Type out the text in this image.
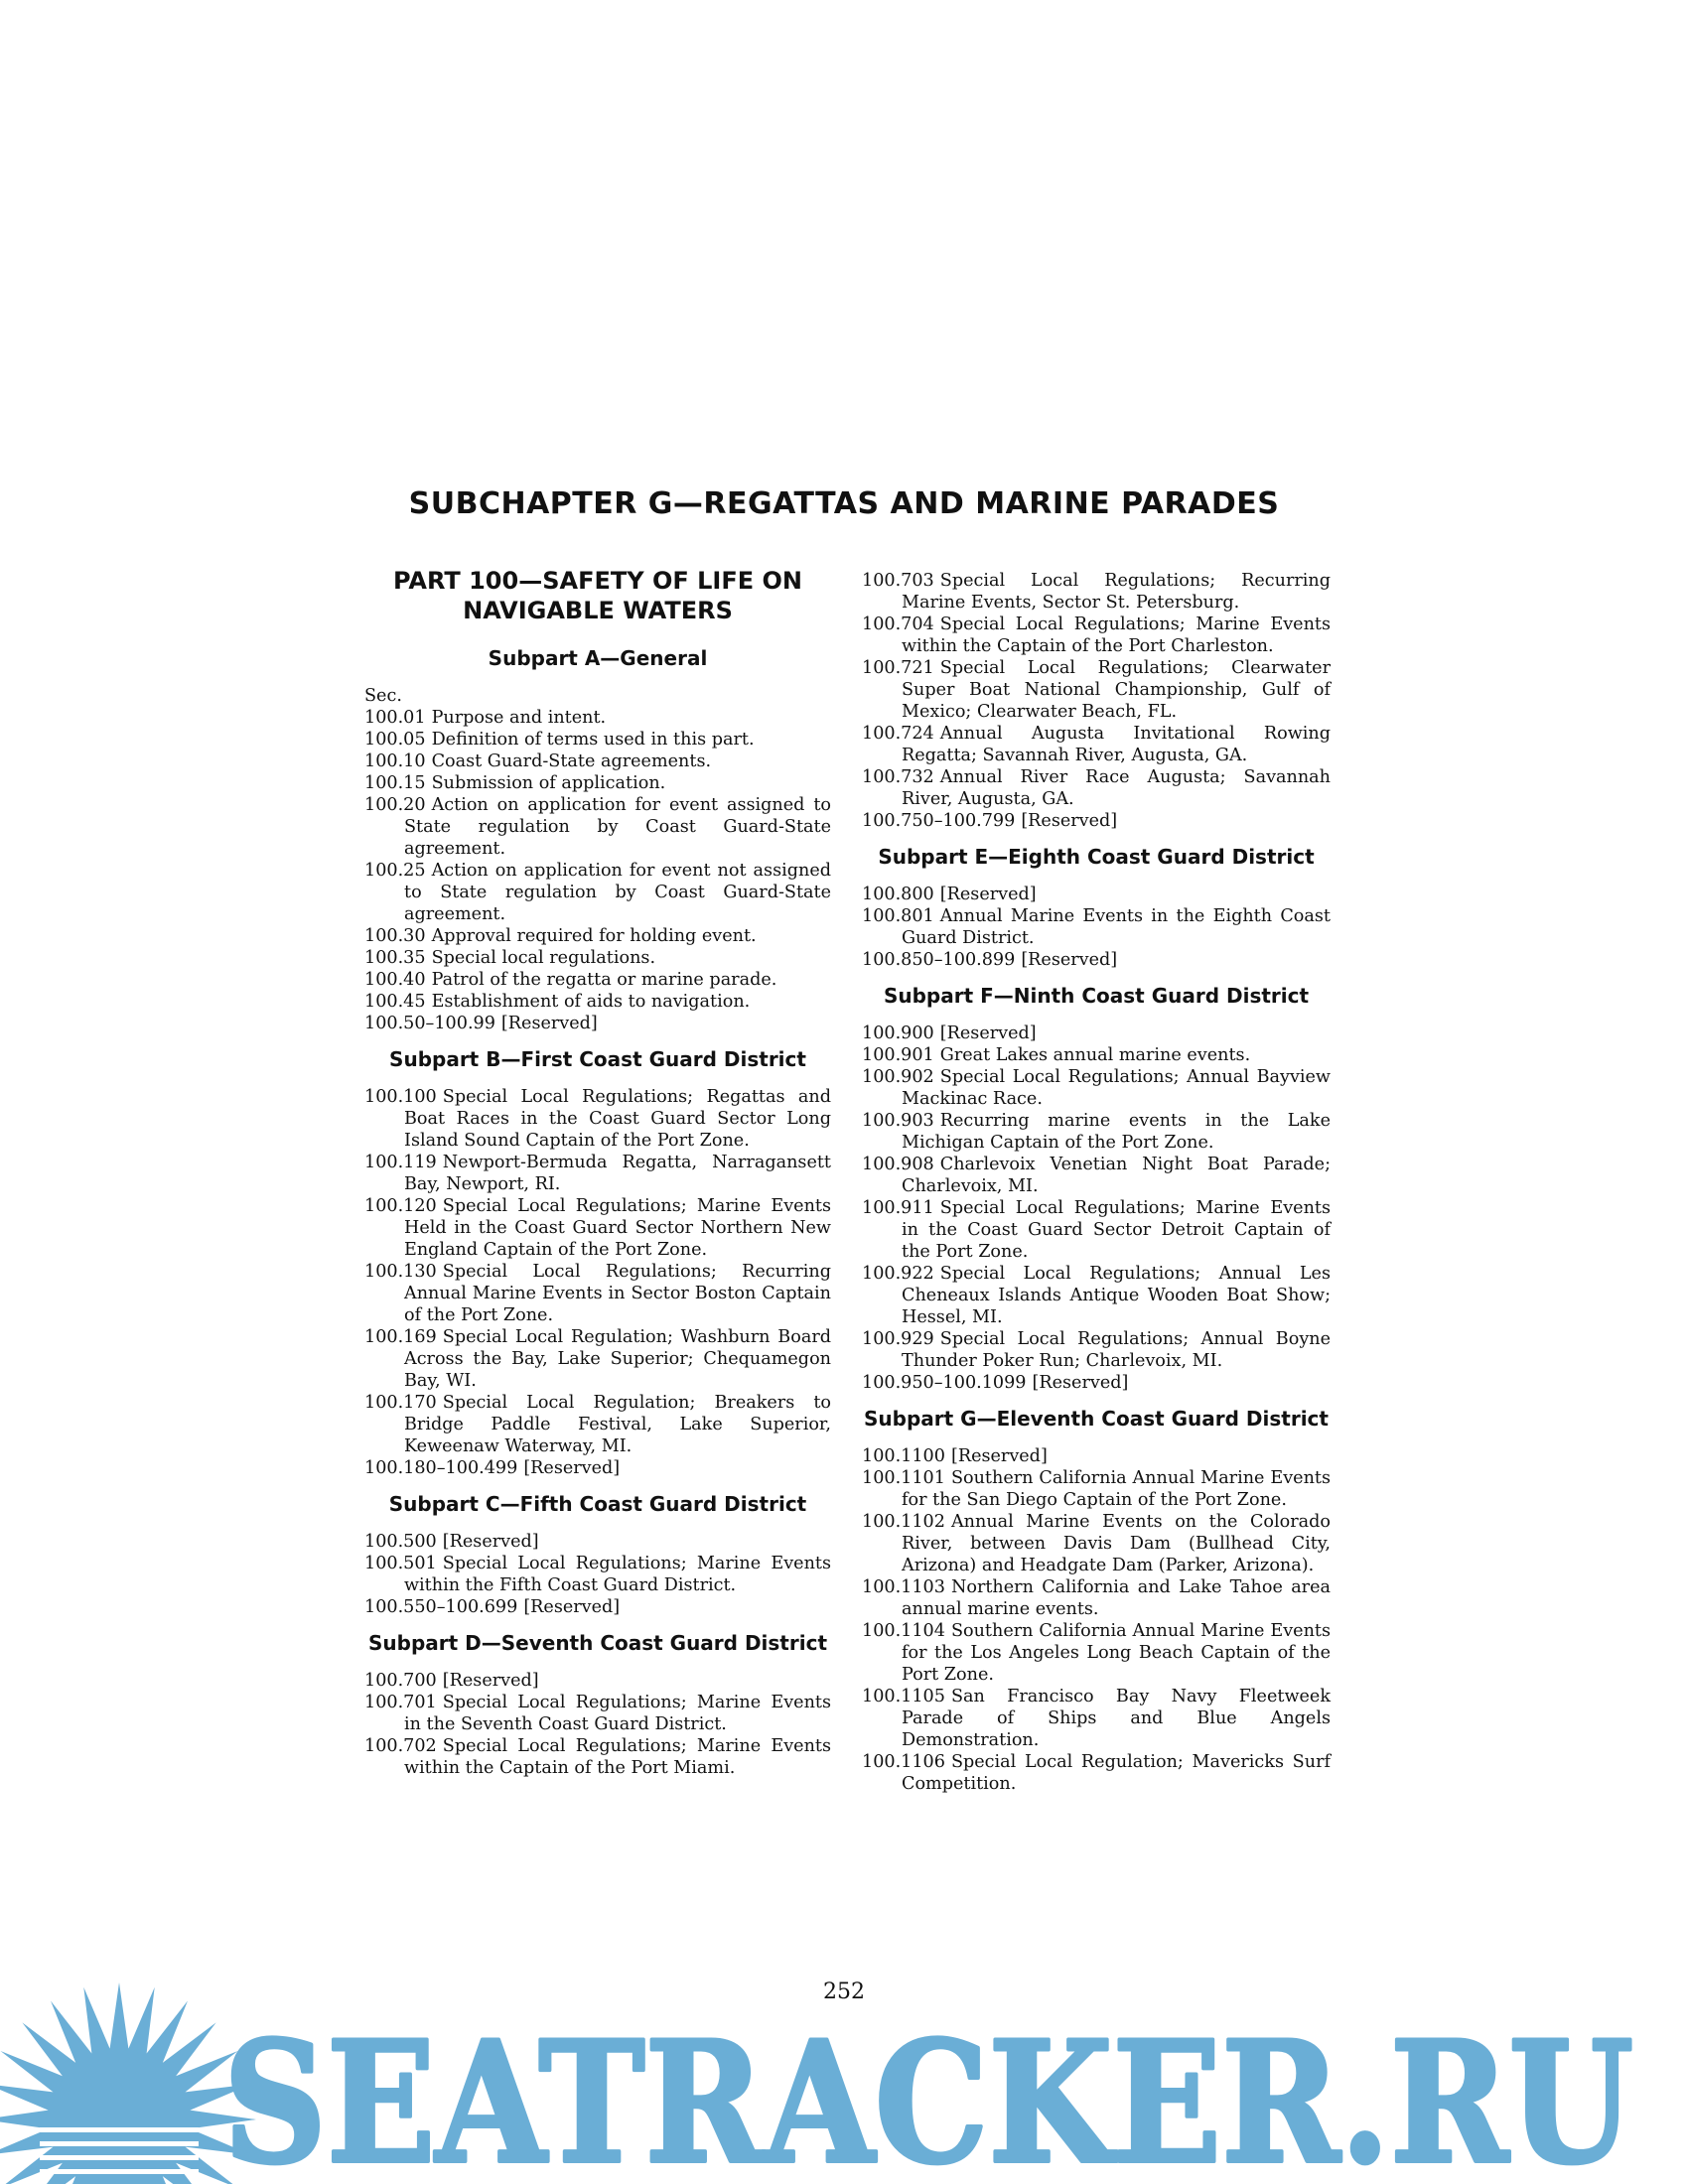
SUBCHAPTER G—REGATTAS AND MARINE PARADES
PART 100—SAFETY OF LIFE ON
NAVIGABLE WATERS
Subpart A—General

Sec.

100.01 Purpose and intent.
100.05 Definition of terms used in this part.
100.10 Coast Guard-State agreements.
100.15 Submission of application.
100.20 Action on application for event assigned to State regulation by Coast Guard-State agreement.
100.25 Action on application for event not assigned to State regulation by Coast Guard-State agreement.
100.30 Approval required for holding event.
100.35 Special local regulations.
100.40 Patrol of the regatta or marine parade.
100.45 Establishment of aids to navigation.
100.50–100.99 [Reserved]
Subpart B—First Coast Guard District
100.100 Special Local Regulations; Regattas and Boat Races in the Coast Guard Sector Long Island Sound Captain of the Port Zone.
100.119 Newport-Bermuda Regatta, Narragansett Bay, Newport, RI.
100.120 Special Local Regulations; Marine Events Held in the Coast Guard Sector Northern New England Captain of the Port Zone.
100.130 Special Local Regulations; Recurring Annual Marine Events in Sector Boston Captain of the Port Zone.
100.169 Special Local Regulation; Washburn Board Across the Bay, Lake Superior; Chequamegon Bay, WI.
100.170 Special Local Regulation; Breakers to Bridge Paddle Festival, Lake Superior, Keweenaw Waterway, MI.
100.180–100.499 [Reserved]
Subpart C—Fifth Coast Guard District
100.500 [Reserved]
100.501 Special Local Regulations; Marine Events within the Fifth Coast Guard District.
100.550–100.699 [Reserved]
Subpart D—Seventh Coast Guard District
100.700 [Reserved]
100.701 Special Local Regulations; Marine Events in the Seventh Coast Guard District.
100.702 Special Local Regulations; Marine Events within the Captain of the Port Miami.
100.703 Special Local Regulations; Recurring Marine Events, Sector St. Petersburg.
100.704 Special Local Regulations; Marine Events within the Captain of the Port Charleston.
100.721 Special Local Regulations; Clearwater Super Boat National Championship, Gulf of Mexico; Clearwater Beach, FL.
100.724 Annual Augusta Invitational Rowing Regatta; Savannah River, Augusta, GA.
100.732 Annual River Race Augusta; Savannah River, Augusta, GA.
100.750–100.799 [Reserved]
Subpart E—Eighth Coast Guard District
100.800 [Reserved]
100.801 Annual Marine Events in the Eighth Coast Guard District.
100.850–100.899 [Reserved]
Subpart F—Ninth Coast Guard District
100.900 [Reserved]
100.901 Great Lakes annual marine events.
100.902 Special Local Regulations; Annual Bayview Mackinac Race.
100.903 Recurring marine events in the Lake Michigan Captain of the Port Zone.
100.908 Charlevoix Venetian Night Boat Parade; Charlevoix, MI.
100.911 Special Local Regulations; Marine Events in the Coast Guard Sector Detroit Captain of the Port Zone.
100.922 Special Local Regulations; Annual Les Cheneaux Islands Antique Wooden Boat Show; Hessel, MI.
100.929 Special Local Regulations; Annual Boyne Thunder Poker Run; Charlevoix, MI.
100.950–100.1099 [Reserved]
Subpart G—Eleventh Coast Guard District
100.1100 [Reserved]
100.1101 Southern California Annual Marine Events for the San Diego Captain of the Port Zone.
100.1102 Annual Marine Events on the Colorado River, between Davis Dam (Bullhead City, Arizona) and Headgate Dam (Parker, Arizona).
100.1103 Northern California and Lake Tahoe area annual marine events.
100.1104 Southern California Annual Marine Events for the Los Angeles Long Beach Captain of the Port Zone.
100.1105 San Francisco Bay Navy Fleetweek Parade of Ships and Blue Angels Demonstration.
100.1106 Special Local Regulation; Mavericks Surf Competition.

252

SEATRACKER.RU
